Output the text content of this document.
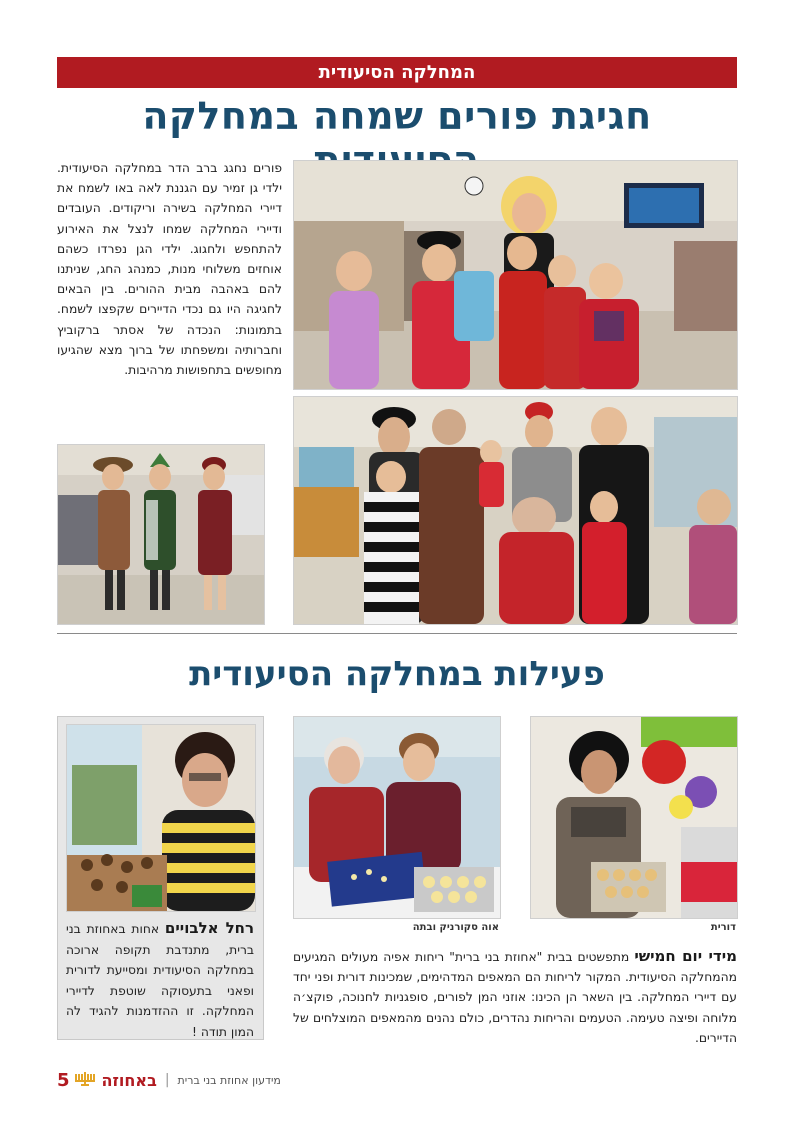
המחלקה הסיעודית
חגיגת פורים שמחה במחלקה
פורים נחגג ברב הדר במחלקה הסיעודית. ילדי גן זמיר עם הגננת לאה באו לשמח את דיירי המחלקה בשירה וריקודים. העובדים ודיירי המחלקה שמחו לנצל את האירוע להתחפש ולחגוג. ילדי הגן נפרדו כשהם אוחזים משלוחי מנות, כמנהג החג, שניתנו להם באהבה מבית ההורים. בין הבאים לחגיגה היו גם נכדי הדיירים שקפצו לשמח. בתמונות: הנכדה של אסתר ברקוביץ וחברותיה ומשפחתו של ברוך מצא שהגיעו מחופשים בתחפושות מרהיבות.
פעילות במחלקה הסיעודית
רחל אלבויים אחות באחוזת בני ברית, מתנדבת תקופה ארוכה במחלקה הסיעודית ומסייעת לדורית ופאני בתעסוקה שוטפת לדיירי המחלקה. זו ההזדמנות להגיד לה המון תודה !
אוה סקורניק ובתה	דורית
מידי יום חמישי מתפשטים בבית "אחוזת בני ברית" ריחות אפיה מעולים המגיעים מהמחלקה הסיעודית. המקור לריחות הם המאפים המדהימים, שמכינות דורית ופני יחד עם דיירי המחלקה. בין השאר הן הכינו: אוזני המן לפורים, סופגניות לחנוכה, פוקצ׳ה מלוחה ופיצה טעימה. הטעמים והריחות נהדרים, כולם נהנים מהמאפים המוצלחים של הדיירים.
5 באחוזה | מידעון אחוזת בני ברית
